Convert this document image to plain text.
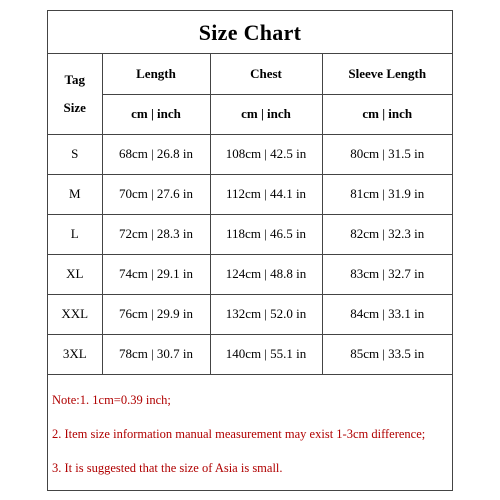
Size Chart
Tag
Size	Length	Chest	Sleeve Length
	cm | inch	cm | inch	cm | inch
S	68cm | 26.8 in	108cm | 42.5 in	80cm | 31.5 in
M	70cm | 27.6 in	112cm | 44.1 in	81cm | 31.9 in
L	72cm | 28.3 in	118cm | 46.5 in	82cm | 32.3 in
XL	74cm | 29.1 in	124cm | 48.8 in	83cm | 32.7 in
XXL	76cm | 29.9 in	132cm | 52.0 in	84cm | 33.1 in
3XL	78cm | 30.7 in	140cm | 55.1 in	85cm | 33.5 in
Note:1. 1cm=0.39 inch;
2. Item size information manual measurement may exist 1-3cm difference;
3. It is suggested that the size of Asia is small.
